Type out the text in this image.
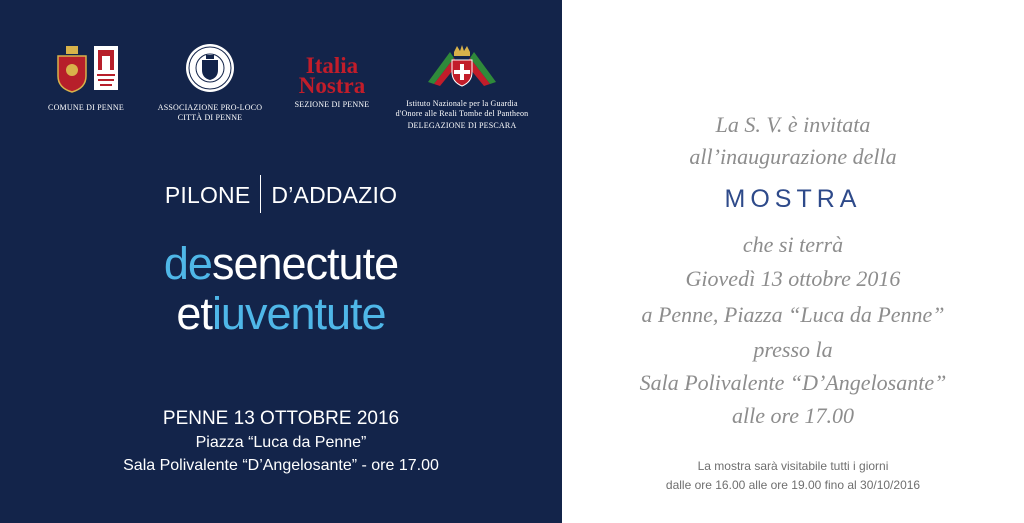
COMUNE DI PENNE	ASSOCIAZIONE PRO-LOCO
CITTÀ DI PENNE
Italia
Nostra
SEZIONE DI PENNE	Istituto Nazionale per la Guardia
d'Onore alle Reali Tombe del Pantheon
DELEGAZIONE DI PESCARA
PILONE D’ADDAZIO
desenectute
etiuventute
PENNE 13 OTTOBRE 2016
Piazza “Luca da Penne”
Sala Polivalente “D’Angelosante” - ore 17.00
La S. V. è invitata
all’inaugurazione della
MOSTRA
che si terrà
Giovedì 13 ottobre 2016
a Penne, Piazza “Luca da Penne”
presso la
Sala Polivalente “D’Angelosante”
alle ore 17.00
La mostra sarà visitabile tutti i giorni
dalle ore 16.00 alle ore 19.00 fino al 30/10/2016
